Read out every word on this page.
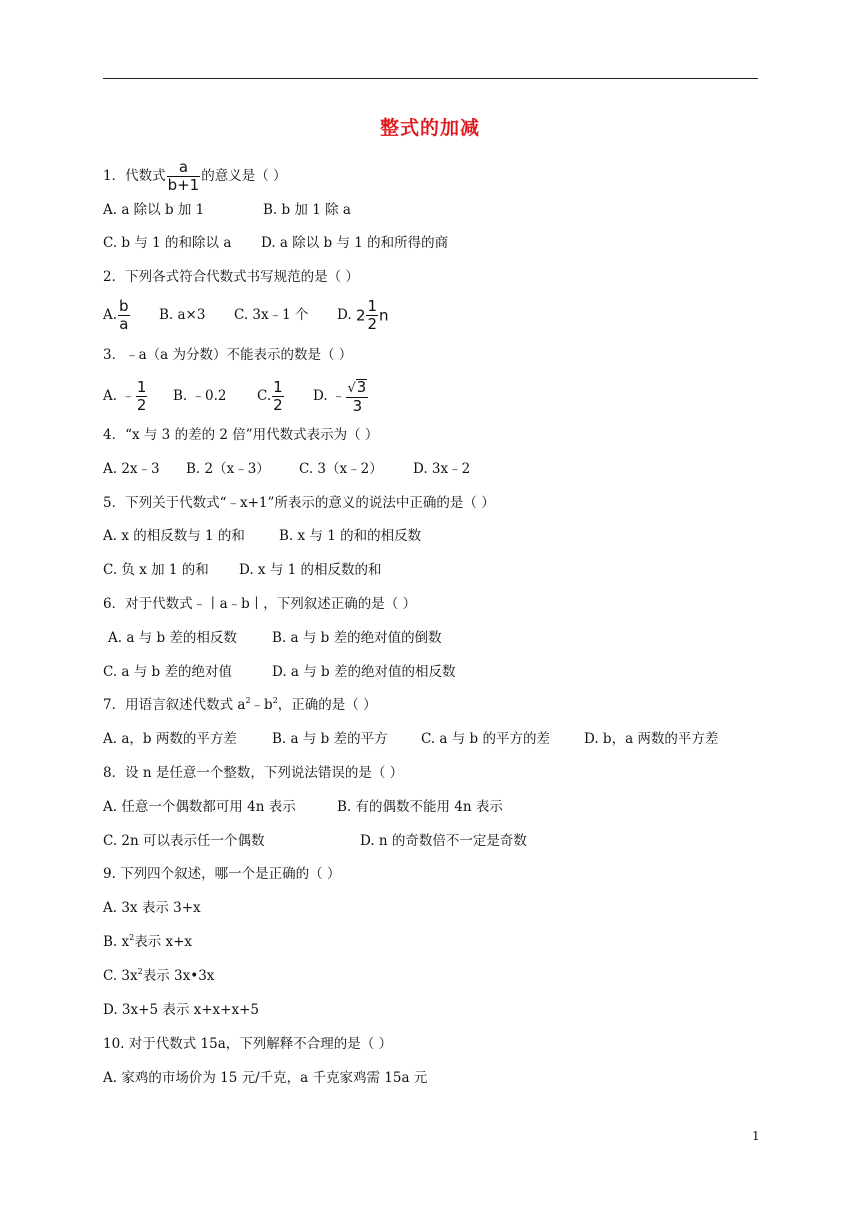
整式的加减
1．代数式 $\frac{a}{b+1}$ 的意义是（ ）
A. a 除以 b 加 1	B. b 加 1 除 a
C. b 与 1 的和除以 a D. a 除以 b 与 1 的和所得的商
2．下列各式符合代数式书写规范的是（ ）
A. $\frac{b}{a} B$. a×3 C. 3x﹣1 个 D. $2 \frac{1}{2}$ n
3．﹣a（a 为分数）不能表示的数是（ ）
A. ﹣ $\frac{1}{2} B$. ﹣0.2 C. $\frac{1}{2} D$. ﹣ $\frac{√3}{3}$
4．“x 与 3 的差的 2 倍”用代数式表示为（ ）
A. 2x﹣3 B. 2（x﹣3） C. 3（x﹣2） D. 3x﹣2
5．下列关于代数式“﹣x+1”所表示的意义的说法中正确的是（ ）
A. x 的相反数与 1 的和	B. x 与 1 的和的相反数
C. 负 x 加 1 的和 D. x 与 1 的相反数的和
6．对于代数式﹣丨a﹣b丨，下列叙述正确的是（ ）
A. a 与 b 差的相反数	B. a 与 b 差的绝对值的倒数
C. a 与 b 差的绝对值	D. a 与 b 差的绝对值的相反数
7．用语言叙述代数式 $a^2﹣b^2$，正确的是（ ）
A. a，b 两数的平方差	B. a 与 b 差的平方 C. a 与 b 的平方的差	D. b，a 两数的平方差
8．设 n 是任意一个整数，下列说法错误的是（ ）
A. 任意一个偶数都可用 4n 表示	B. 有的偶数不能用 4n 表示
C. 2n 可以表示任一个偶数	D. n 的奇数倍不一定是奇数
9. 下列四个叙述，哪一个是正确的（ ）
A. 3x 表示 3+x
B. $x^2$表示 x+x
C. $3x^2$表示 3x•3x
D. 3x+5 表示 x+x+x+5
10. 对于代数式 15a，下列解释不合理的是（ ）
A. 家鸡的市场价为 15 元/千克，a 千克家鸡需 15a 元
1
